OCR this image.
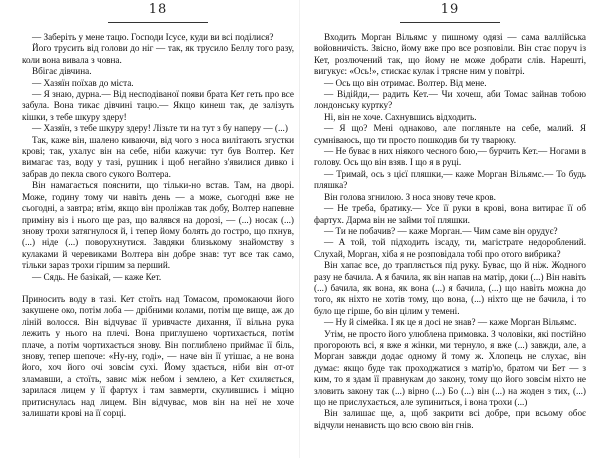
18

— Заберіть у мене тацю. Господи Ісусе, куди ви всі поділися?

Його трусить від голови до ніг — так, як трусило Беллу тогo разу, коли вона вивала з човна.

Вбігає дівчина.

— Хазяїн поїхав до міста.

— Я знаю, дурна.— Від несподіваної появи брата Кет геть про все забула. Вона тикає дівчині тацю.— Якщо кинеш так, де залізуть кішки, з тебе шкуру здеру!

— Хазяїн, з тебе шкуру здеру! Лізьте ти на тут з бу наперу — (...)

Так, каже він, шалено киваючи, від чого з носа вилітають згустки крові; так, ухалус він на себе, ніби кажучи: тут був Волтер. Кет вимагає таз, воду у тазі, рушник і щоб негайно з'явилися дивко і забрав до пекла свого сукого Волтера.

Він намагається пояснити, що тільки-но встав. Там, на дворі. Може, годину тому чи навіть день — а може, сьогодні вже не сьогодні, а завтра; втім, якщо він проліжав так добу, Волтер напевне приміну віз і нього ще раз, що валявся на дорозі, — (...) носак (...) знову трохи затягнулося й, і тепер йому болять до гостро, що пхнув, (...) ніде (...) поворухнутися. Завдяки близькому знайомству з кулаками й черевиками Волтера він добре знав: тут все так само, тільки зараз трохи гіршим за перший.

— Сядь. Не базікай, — каже Кет.

Приносить воду в тазі. Кет стоїть над Томасом, промокаючи його закушене око, потім лоба — дрібними колами, потім ще вище, аж до ліній волосся. Він відчуває її уривчасте дихання, її вільна рука лежить у нього на плечі. Вона приглушено чортихається, потім плаче, а потім чортихається знову. Він поглиблено приймає її біль, знову, тепер шепоче: «Ну-ну, годі», — наче він її утішає, а не вона його, хоч його очі зовсім сухі. Йому здається, ніби він от-от зламавши, а стоїть, завис між небом і землею, а Кет схиляється, зарилася лицем у її фартух і там завмерти, скулившись і міцно притиснулась над лицем. Він відчуває, мов він на неї не хоче залишати крові на її сорці.

19

Входить Морган Вільямс у пишному одязі — сама валлійська войовничість. Звісно, йому вже про все розповіли. Він стає поруч із Кет, розлючений так, що йому не може добрати слів. Нарешті, вигукує: «Ось!», стискає кулак і трясне ним у повітрі.

— Ось що він отримає. Волтер. Від мене.

— Відійди,— радить Кет.— Чи хочеш, аби Томас зайнав тобою лондонську куртку?

Ні, він не хоче. Сахнувшись відходить.

— Я що? Мені однаково, але погляньте на себе, малий. Я сумніваюсь, що ти просто пошкодив би ту тварюку.

— Не буває в них ніякого чесного бою,— бурчить Кет.— Ногами в голову. Ось що він взяв. І що я в руці.

— Тримай, ось з цієї пляшки,— каже Морган Вільямс.— То будь пляшка?

Він голова згнилою. З носа знову тече кров.

— Не треба, братику.— Усе її руки в крові, вона витирає її об фартух. Дарма він не займи тої пляшки.

— Ти не побачив? — каже Морган.— Чим саме він орудує?

— А той, той підходить ізсаду, ти, магістрате недороблений. Слухай, Морган, хіба я не розповідала тобі про отого вибрика?

Він хапає все, до траплясться під руку. Буває, що й ніж. Жодного разу не бачила. А я бачила, як він напав на матір, доки (...) Він навіть (...) бачила, як вона, як вона (...) я бачила, (...) що навіть можна до того, як ніхто не хотів тому, що вона, (...) ніхто ще не бачила, і то було ще гірше, бо він цілим у темені.

— Ну й сімейка. І як це я досі не знав? — каже Морган Вільямс.

Утім, не просто його улюблена примовка. З чоловіки, які постійно прогороють всі, я вже я жінки, ми тернуло, я вже (...) завжди, але, а Морган завжди додає одному й тому ж. Хлопець не слухає, він думає: якщо буде так проходжатися з матір'ю, братом чи Бет — з ким, то я здам її правнукам до закону, тому що його зовсім ніхто не зловить закону так (...) вірно (...) Бо (...) він (...) на жоден з тих, (...) що не прислухається, але зупиниться, і вона трохи (...)

Він залишає ще, а, щоб закрити всі добре, при всьому обоє відчули ненависть що всю свою він гнів.
